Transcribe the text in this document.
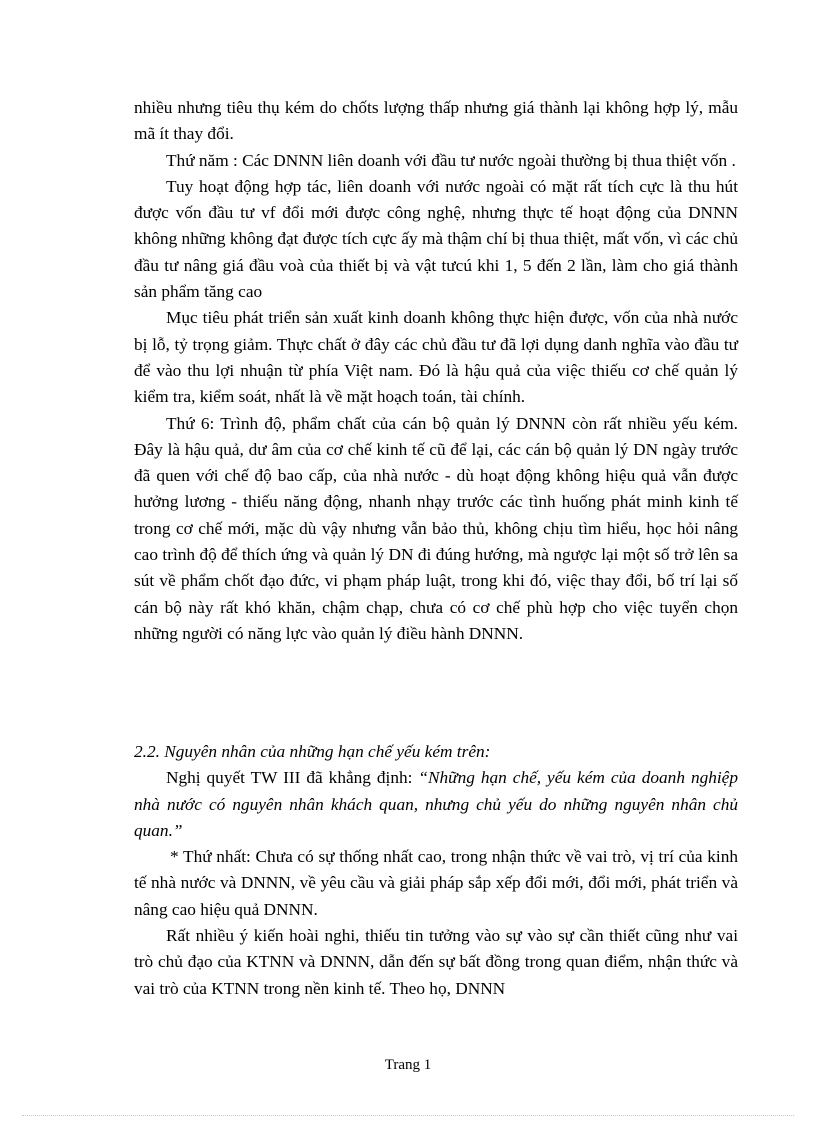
nhiều nhưng tiêu thụ kém do chốts lượng thấp nhưng giá thành lại không hợp lý, mẫu mã ít thay đổi.

Thứ năm : Các DNNN liên doanh với đầu tư nước ngoài thường bị thua thiệt vốn .

Tuy hoạt động hợp tác, liên doanh với nước ngoài có mặt rất tích cực là thu hút được vốn đầu tư vf đổi mới được công nghệ, nhưng thực tế hoạt động của DNNN không những không đạt được tích cực ấy mà thậm chí bị thua thiệt, mất vốn, vì các chủ đầu tư nâng giá đầu voà của thiết bị và vật tưcú khi 1, 5 đến 2 lần, làm cho giá thành sản phẩm tăng cao

Mục tiêu phát triển sản xuất kinh doanh không thực hiện được, vốn của nhà nước bị lỗ, tỷ trọng giảm. Thực chất ở đây các chủ đầu tư đã lợi dụng danh nghĩa vào đầu tư để vào thu lợi nhuận từ phía Việt nam. Đó là hậu quả của việc thiếu cơ chế quản lý kiểm tra, kiểm soát, nhất là về mặt hoạch toán, tài chính.

Thứ 6: Trình độ, phẩm chất của cán bộ quản lý DNNN còn rất nhiều yếu kém. Đây là hậu quả, dư âm của cơ chế kinh tế cũ để lại, các cán bộ quản lý DN ngày trước đã quen với chế độ bao cấp, của nhà nước - dù hoạt động không hiệu quả vẫn được hưởng lương - thiếu năng động, nhanh nhạy trước các tình huống phát minh kinh tế trong cơ chế mới, mặc dù vậy nhưng vẫn bảo thủ, không chịu tìm hiểu, học hỏi nâng cao trình độ để thích ứng và quản lý DN đi đúng hướng, mà ngược lại một số trở lên sa sút về phẩm chốt đạo đức, vi phạm pháp luật, trong khi đó, việc thay đổi, bố trí lại số cán bộ này rất khó khăn, chậm chạp, chưa có cơ chế phù hợp cho việc tuyển chọn những người có năng lực vào quản lý điều hành DNNN.

2.2. Nguyên nhân của những hạn chế yếu kém trên:

Nghị quyết TW III đã khẳng định: “Những hạn chế, yếu kém của doanh nghiệp nhà nước có nguyên nhân khách quan, nhưng chủ yếu do những nguyên nhân chủ quan.”

* Thứ nhất: Chưa có sự thống nhất cao, trong nhận thức về vai trò, vị trí của kinh tế nhà nước và DNNN, về yêu cầu và giải pháp sắp xếp đổi mới, đổi mới, phát triển và nâng cao hiệu quả DNNN.

Rất nhiều ý kiến hoài nghi, thiếu tin tưởng vào sự vào sự cần thiết cũng như vai trò chủ đạo của KTNN và DNNN, dẫn đến sự bất đồng trong quan điểm, nhận thức và vai trò của KTNN trong nền kinh tế. Theo họ, DNNN

Trang 1
